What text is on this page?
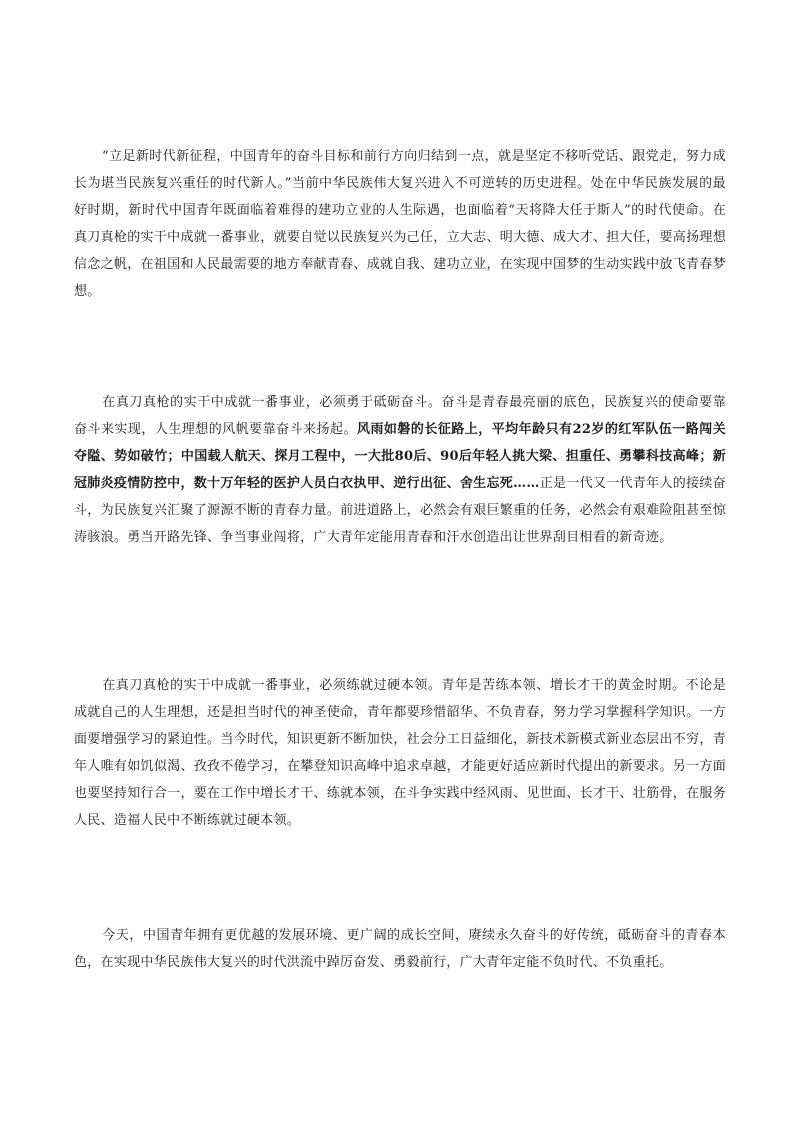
“立足新时代新征程，中国青年的奋斗目标和前行方向归结到一点，就是坚定不移听党话、跟党走，努力成长为堪当民族复兴重任的时代新人。”当前中华民族伟大复兴进入不可逆转的历史进程。处在中华民族发展的最好时期，新时代中国青年既面临着难得的建功立业的人生际遇，也面临着“天将降大任于斯人”的时代使命。在真刀真枪的实干中成就一番事业，就要自觉以民族复兴为己任，立大志、明大德、成大才、担大任，要高扬理想信念之帆，在祖国和人民最需要的地方奉献青春、成就自我、建功立业，在实现中国梦的生动实践中放飞青春梦想。

在真刀真枪的实干中成就一番事业，必须勇于砥砺奋斗。奋斗是青春最亮丽的底色，民族复兴的使命要靠奋斗来实现，人生理想的风帆要靠奋斗来扬起。风雨如磐的长征路上，平均年龄只有22岁的红军队伍一路闯关夺隘、势如破竹；中国载人航天、探月工程中，一大批80后、90后年轻人挑大梁、担重任、勇攀科技高峰；新冠肺炎疫情防控中，数十万年轻的医护人员白衣执甲、逆行出征、舍生忘死……正是一代又一代青年人的接续奋斗，为民族复兴汇聚了源源不断的青春力量。前进道路上，必然会有艰巨繁重的任务，必然会有艰难险阻甚至惊涛骇浪。勇当开路先锋、争当事业闯将，广大青年定能用青春和汗水创造出让世界刮目相看的新奇迹。

在真刀真枪的实干中成就一番事业，必须练就过硬本领。青年是苦练本领、增长才干的黄金时期。不论是成就自己的人生理想，还是担当时代的神圣使命，青年都要珍惜韶华、不负青春，努力学习掌握科学知识。一方面要增强学习的紧迫性。当今时代，知识更新不断加快，社会分工日益细化，新技术新模式新业态层出不穷，青年人唯有如饥似渴、孜孜不倦学习，在攀登知识高峰中追求卓越，才能更好适应新时代提出的新要求。另一方面也要坚持知行合一，要在工作中增长才干、练就本领，在斗争实践中经风雨、见世面、长才干、壮筋骨，在服务人民、造福人民中不断练就过硬本领。

今天，中国青年拥有更优越的发展环境、更广阔的成长空间，赓续永久奋斗的好传统，砥砺奋斗的青春本色，在实现中华民族伟大复兴的时代洪流中踔厉奋发、勇毅前行，广大青年定能不负时代、不负重托。
